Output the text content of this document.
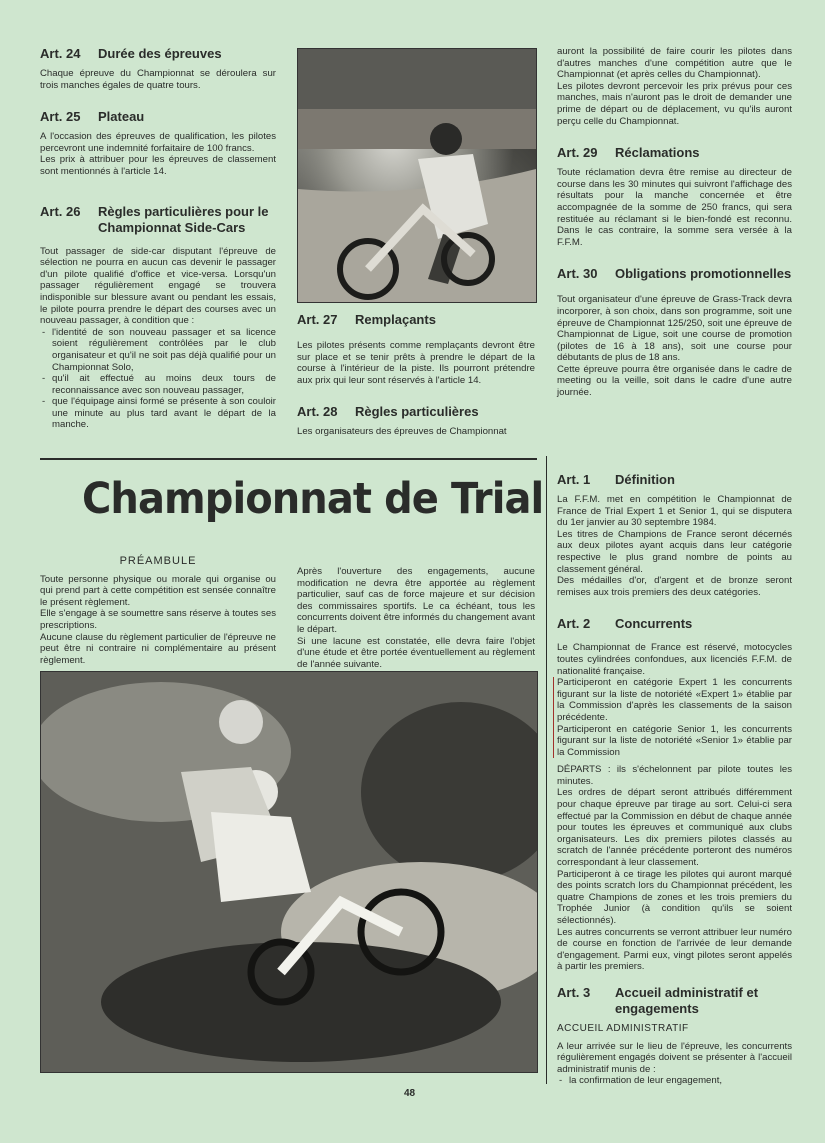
Art. 24	Durée des épreuves

Chaque épreuve du Championnat se déroulera sur trois manches égales de quatre tours.

Art. 25	Plateau

A l'occasion des épreuves de qualification, les pilotes percevront une indemnité forfaitaire de 100 francs.

Les prix à attribuer pour les épreuves de classement sont mentionnés à l'article 14.

Art. 26	Règles particulières pour le Championnat Side-Cars

Tout passager de side-car disputant l'épreuve de sélection ne pourra en aucun cas devenir le passager d'un pilote qualifié d'office et vice-versa. Lorsqu'un passager régulièrement engagé se trouvera indisponible sur blessure avant ou pendant les essais, le pilote pourra prendre le départ des courses avec un nouveau passager, à condition que :

- l'identité de son nouveau passager et sa licence soient régulièrement contrôlées par le club organisateur et qu'il ne soit pas déjà qualifié pour un Championnat Solo,
- qu'il ait effectué au moins deux tours de reconnaissance avec son nouveau passager,
- que l'équipage ainsi formé se présente à son couloir une minute au plus tard avant le départ de la manche.
Art. 27	Remplaçants

Les pilotes présents comme remplaçants devront être sur place et se tenir prêts à prendre le départ de la course à l'intérieur de la piste. Ils pourront prétendre aux prix qui leur sont réservés à l'article 14.

Art. 28	Règles particulières

Les organisateurs des épreuves de Championnat

auront la possibilité de faire courir les pilotes dans d'autres manches d'une compétition autre que le Championnat (et après celles du Championnat).

Les pilotes devront percevoir les prix prévus pour ces manches, mais n'auront pas le droit de demander une prime de départ ou de déplacement, vu qu'ils auront perçu celle du Championnat.

Art. 29	Réclamations

Toute réclamation devra être remise au directeur de course dans les 30 minutes qui suivront l'affichage des résultats pour la manche concernée et être accompagnée de la somme de 250 francs, qui sera restituée au réclamant si le bien-fondé est reconnu. Dans le cas contraire, la somme sera versée à la F.F.M.

Art. 30	Obligations promotionnelles

Tout organisateur d'une épreuve de Grass-Track devra incorporer, à son choix, dans son programme, soit une épreuve de Championnat 125/250, soit une épreuve de Championnat de Ligue, soit une course de promotion (pilotes de 16 à 18 ans), soit une course pour débutants de plus de 18 ans.

Cette épreuve pourra être organisée dans le cadre de meeting ou la veille, soit dans le cadre d'une autre journée.

Championnat de Trial

PRÉAMBULE

Toute personne physique ou morale qui organise ou qui prend part à cette compétition est sensée connaître le présent règlement.

Elle s'engage à se soumettre sans réserve à toutes ses prescriptions.

Aucune clause du règlement particulier de l'épreuve ne peut être ni contraire ni complémentaire au présent règlement.

Après l'ouverture des engagements, aucune modification ne devra être apportée au règlement particulier, sauf cas de force majeure et sur décision des commissaires sportifs. Le ca échéant, tous les concurrents doivent être informés du changement avant le départ.

Si une lacune est constatée, elle devra faire l'objet d'une étude et être portée éventuellement au règlement de l'année suivante.

Art. 1	Définition

La F.F.M. met en compétition le Championnat de France de Trial Expert 1 et Senior 1, qui se disputera du 1er janvier au 30 septembre 1984.

Les titres de Champions de France seront décernés aux deux pilotes ayant acquis dans leur catégorie respective le plus grand nombre de points au classement général.

Des médailles d'or, d'argent et de bronze seront remises aux trois premiers des deux catégories.

Art. 2	Concurrents

Le Championnat de France est réservé, motocycles toutes cylindrées confondues, aux licenciés F.F.M. de nationalité française.

Participeront en catégorie Expert 1 les concurrents figurant sur la liste de notoriété «Expert 1» établie par la Commission d'après les classements de la saison précédente.

Participeront en catégorie Senior 1, les concurrents figurant sur la liste de notoriété «Senior 1» établie par la Commission

DÉPARTS : ils s'échelonnent par pilote toutes les minutes.

Les ordres de départ seront attribués différemment pour chaque épreuve par tirage au sort. Celui-ci sera effectué par la Commission en début de chaque année pour toutes les épreuves et communiqué aux clubs organisateurs. Les dix premiers pilotes classés au scratch de l'année précédente porteront des numéros correspondant à leur classement.

Participeront à ce tirage les pilotes qui auront marqué des points scratch lors du Championnat précédent, les quatre Champions de zones et les trois premiers du Trophée Junior (à condition qu'ils se soient sélectionnés).

Les autres concurrents se verront attribuer leur numéro de course en fonction de l'arrivée de leur demande d'engagement. Parmi eux, vingt pilotes seront appelés à partir les premiers.

Art. 3	Accueil administratif et engagements

ACCUEIL ADMINISTRATIF

A leur arrivée sur le lieu de l'épreuve, les concurrents régulièrement engagés doivent se présenter à l'accueil administratif munis de :

- la confirmation de leur engagement,
48
